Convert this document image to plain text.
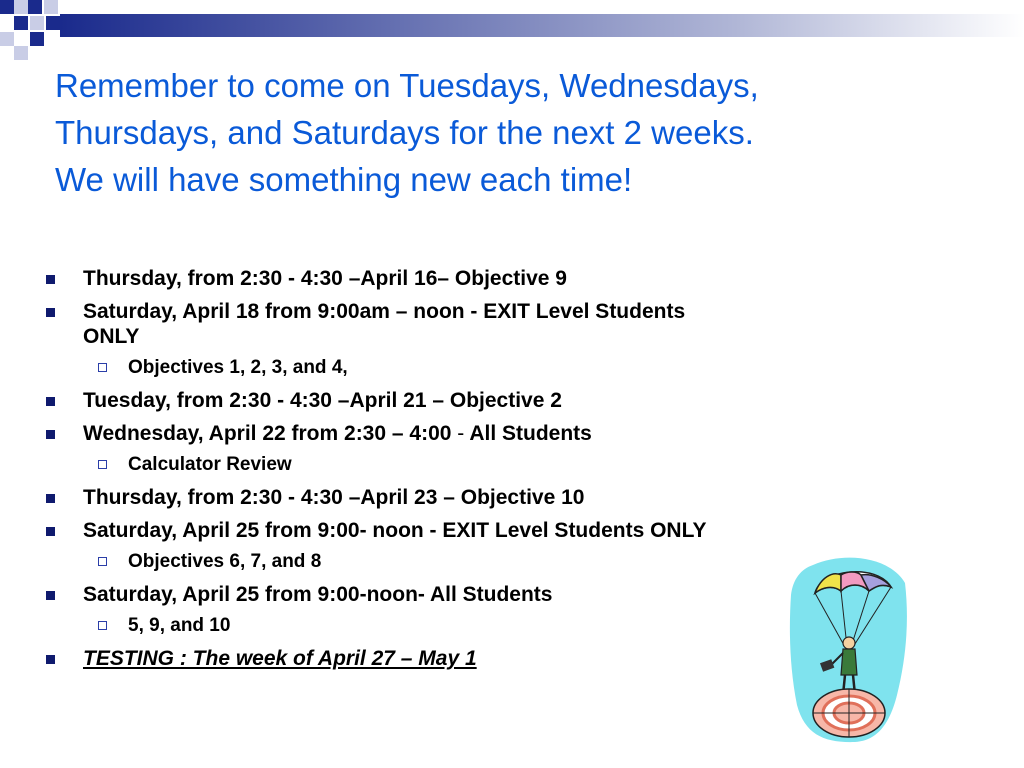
Remember to come on Tuesdays, Wednesdays,
Thursdays, and Saturdays for the next 2 weeks.
We will have something new each time!
Thursday, from 2:30 - 4:30 –April 16– Objective 9
Saturday, April 18 from 9:00am – noon - EXIT Level Students
ONLY
Objectives 1, 2, 3, and 4,
Tuesday, from 2:30 - 4:30 –April 21 – Objective 2
Wednesday, April 22 from 2:30 – 4:00 - All Students
Calculator Review
Thursday, from 2:30 - 4:30 –April 23 – Objective 10
Saturday, April 25 from 9:00- noon - EXIT Level Students ONLY
Objectives 6, 7, and 8
Saturday, April 25 from 9:00-noon- All Students
5, 9, and 10
TESTING : The week of April 27 – May 1
